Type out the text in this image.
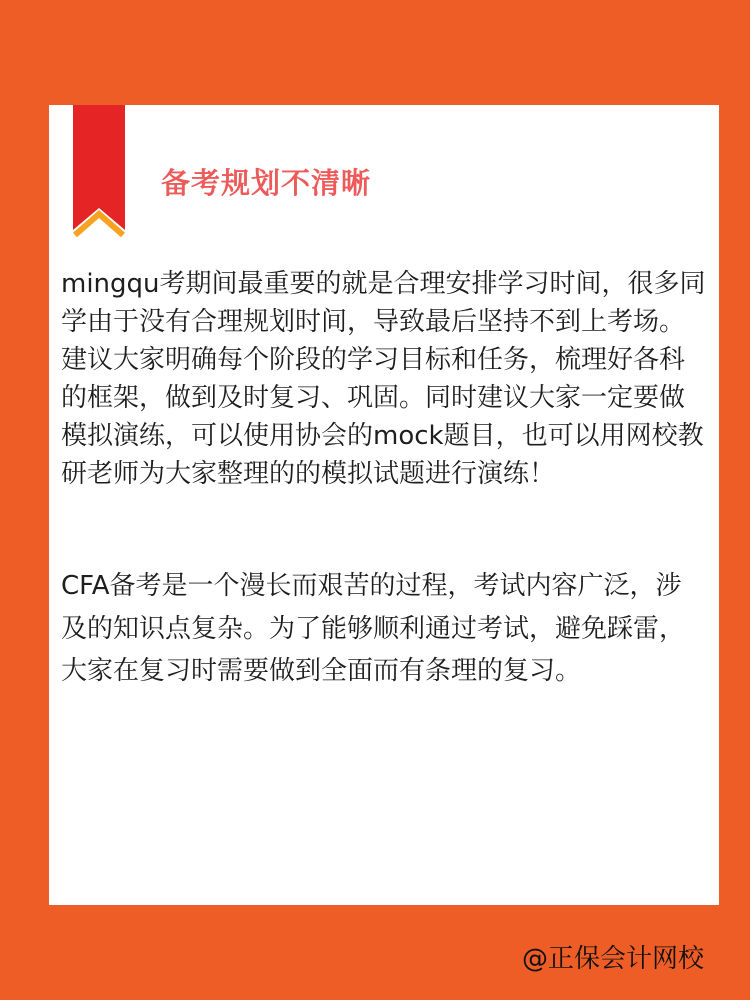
备考规划不清晰

mingqu考期间最重要的就是合理安排学习时间，很多同学由于没有合理规划时间，导致最后坚持不到上考场。

建议大家明确每个阶段的学习目标和任务，梳理好各科的框架，做到及时复习、巩固。同时建议大家一定要做模拟演练，可以使用协会的mock题目，也可以用网校教研老师为大家整理的的模拟试题进行演练！

CFA备考是一个漫长而艰苦的过程，考试内容广泛，涉及的知识点复杂。为了能够顺利通过考试，避免踩雷，大家在复习时需要做到全面而有条理的复习。

@正保会计网校
